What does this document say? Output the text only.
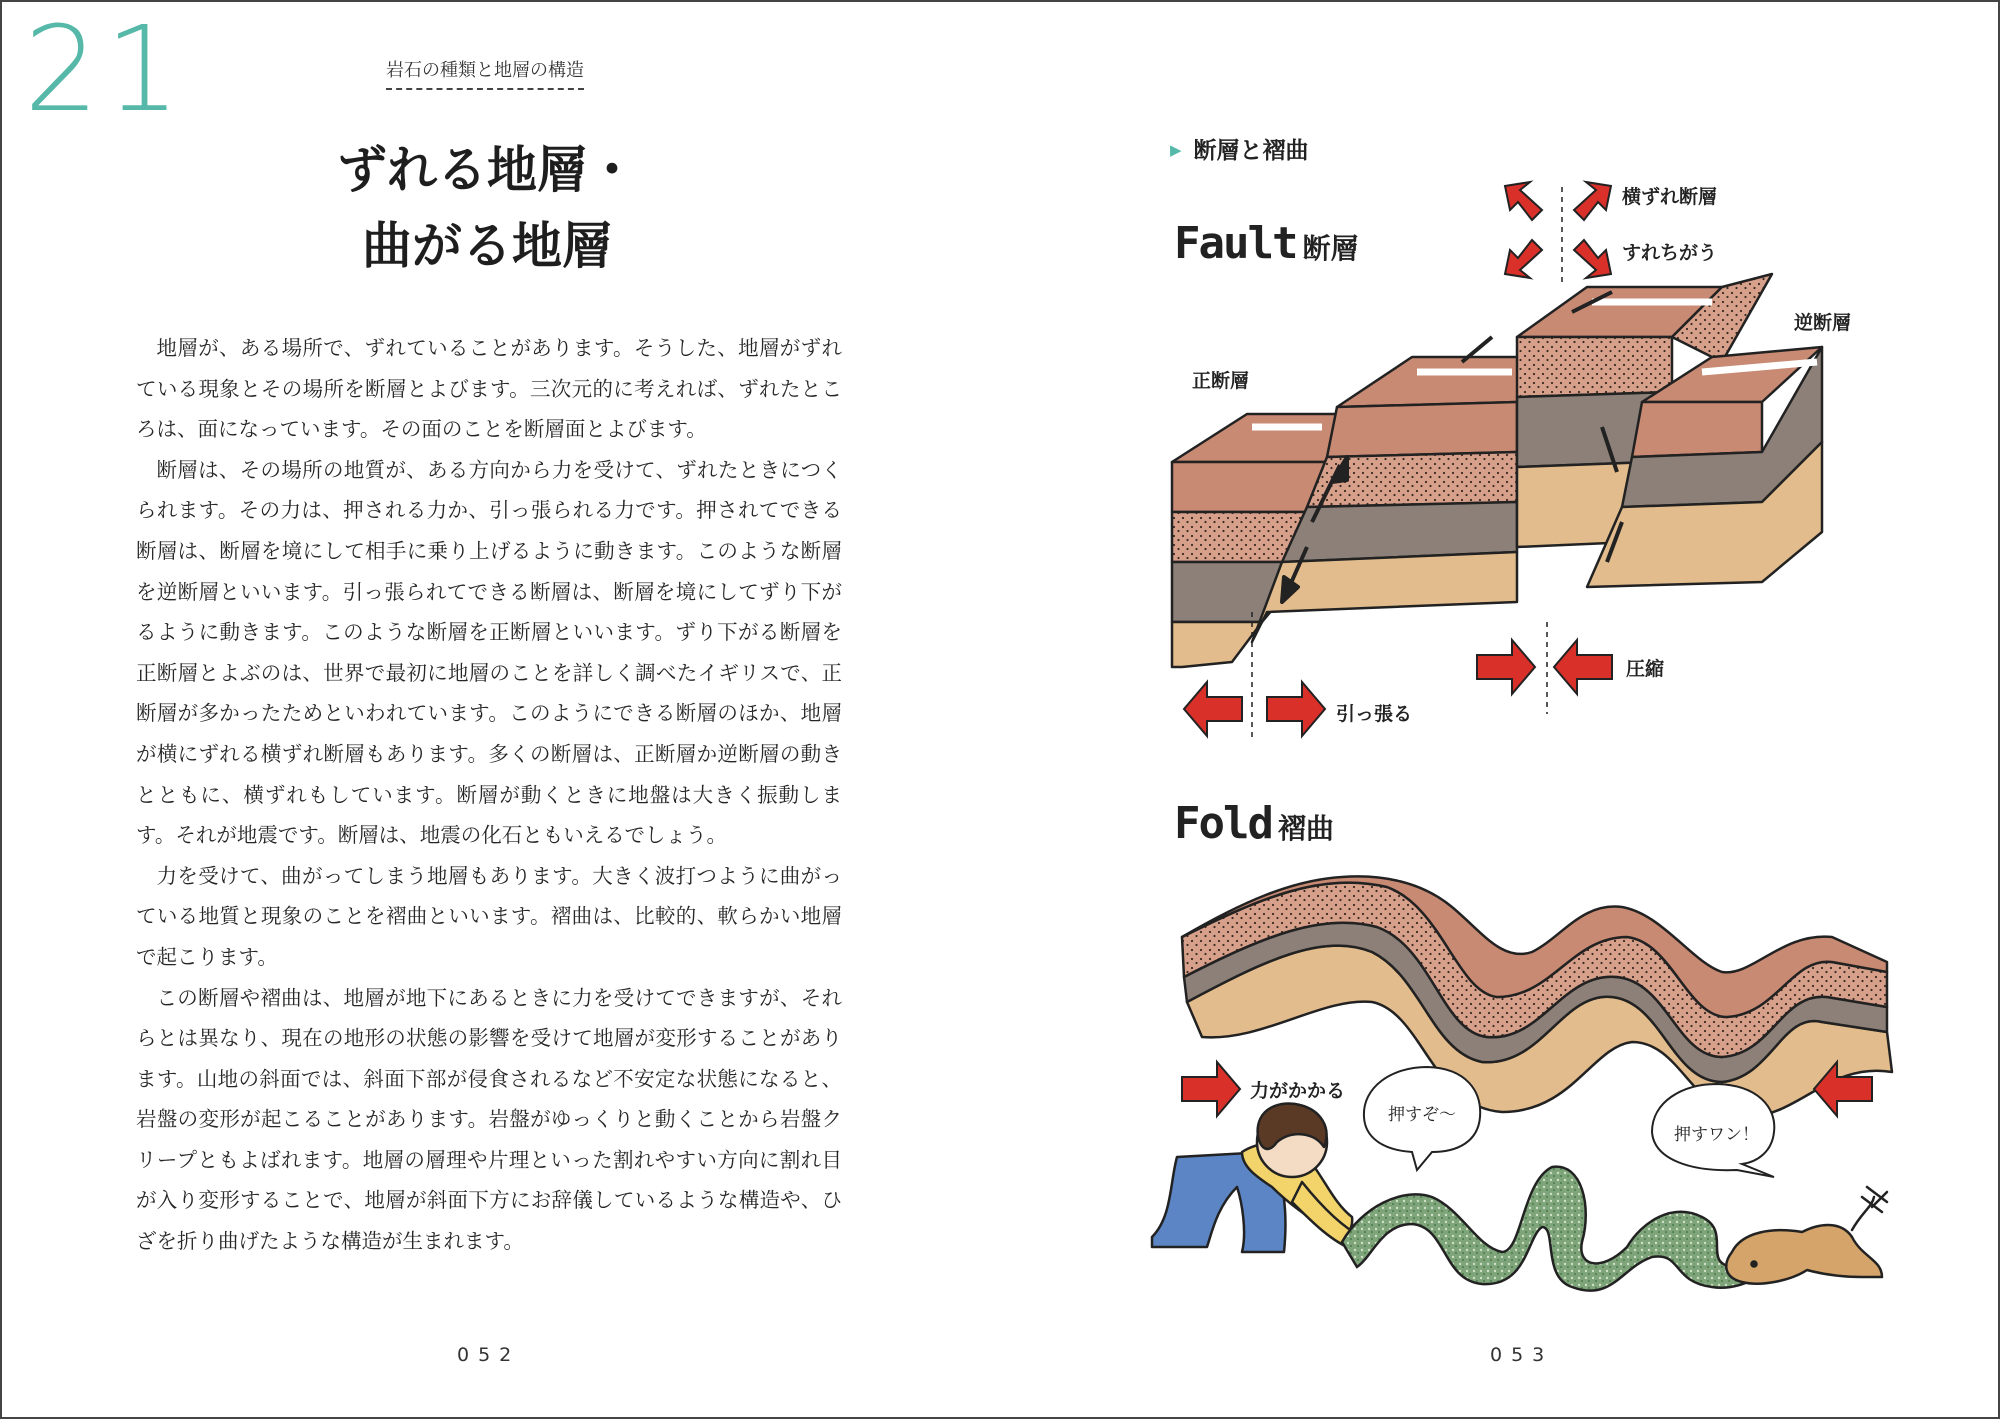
21	岩石の種類と地層の構造
ずれる地層・
曲がる地層

地層が、ある場所で、ずれていることがあります。そうした、地層がずれている現象とその場所を断層とよびます。三次元的に考えれば、ずれたところは、面になっています。その面のことを断層面とよびます。

断層は、その場所の地質が、ある方向から力を受けて、ずれたときにつくられます。その力は、押される力か、引っ張られる力です。押されてできる断層は、断層を境にして相手に乗り上げるように動きます。このような断層を逆断層といいます。引っ張られてできる断層は、断層を境にしてずり下がるように動きます。このような断層を正断層といいます。ずり下がる断層を正断層とよぶのは、世界で最初に地層のことを詳しく調べたイギリスで、正断層が多かったためといわれています。このようにできる断層のほか、地層が横にずれる横ずれ断層もあります。多くの断層は、正断層か逆断層の動きとともに、横ずれもしています。断層が動くときに地盤は大きく振動します。それが地震です。断層は、地震の化石ともいえるでしょう。

力を受けて、曲がってしまう地層もあります。大きく波打つように曲がっている地質と現象のことを褶曲といいます。褶曲は、比較的、軟らかい地層で起こります。

この断層や褶曲は、地層が地下にあるときに力を受けてできますが、それらとは異なり、現在の地形の状態の影響を受けて地層が変形することがあります。山地の斜面では、斜面下部が侵食されるなど不安定な状態になると、岩盤の変形が起こることがあります。岩盤がゆっくりと動くことから岩盤クリープともよばれます。地層の層理や片理といった割れやすい方向に割れ目が入り変形することで、地層が斜面下方にお辞儀しているような構造や、ひざを折り曲げたような構造が生まれます。

052
▶ 断層と褶曲
Fault 断層
横ずれ断層
すれちがう
逆断層
正断層
圧縮
引っ張る
Fold 褶曲
力がかかる
押すぞ～
押すワン！
053
